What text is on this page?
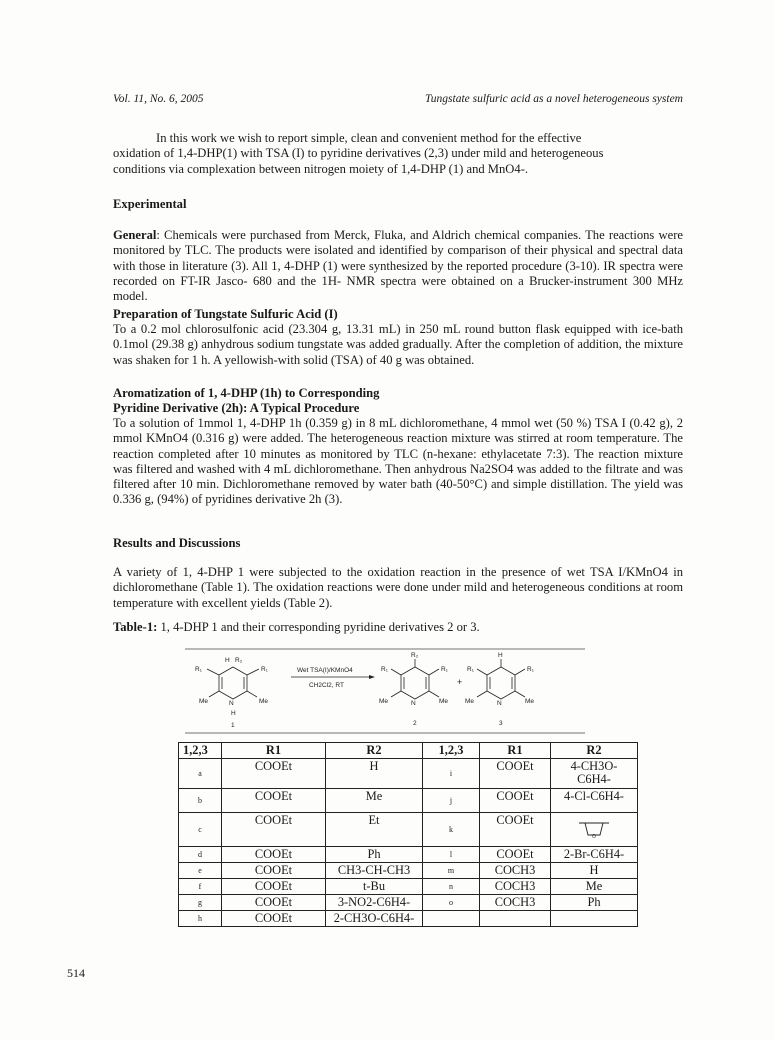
Vol. 11, No. 6, 2005	Tungstate sulfuric acid as a novel heterogeneous system
In this work we wish to report simple, clean and convenient method for the effective
oxidation of 1,4-DHP(1) with TSA (I) to pyridine derivatives (2,3) under mild and heterogeneous
conditions via complexation between nitrogen moiety of 1,4-DHP (1) and MnO4-.
Experimental
General: Chemicals were purchased from Merck, Fluka, and Aldrich chemical companies. The reactions were monitored by TLC. The products were isolated and identified by comparison of their physical and spectral data with those in literature (3). All 1, 4-DHP (1) were synthesized by the reported procedure (3-10). IR spectra were recorded on FT-IR Jasco- 680 and the 1H- NMR spectra were obtained on a Brucker-instrument 300 MHz model.
Preparation of Tungstate Sulfuric Acid (I)
To a 0.2 mol chlorosulfonic acid (23.304 g, 13.31 mL) in 250 mL round button flask equipped with ice-bath 0.1mol (29.38 g) anhydrous sodium tungstate was added gradually. After the completion of addition, the mixture was shaken for 1 h. A yellowish-with solid (TSA) of 40 g was obtained.
Aromatization of 1, 4-DHP (1h) to Corresponding
Pyridine Derivative (2h): A Typical Procedure
To a solution of 1mmol 1, 4-DHP 1h (0.359 g) in 8 mL dichloromethane, 4 mmol wet (50 %) TSA I (0.42 g), 2 mmol KMnO4 (0.316 g) were added. The heterogeneous reaction mixture was stirred at room temperature. The reaction completed after 10 minutes as monitored by TLC (n-hexane: ethylacetate 7:3). The reaction mixture was filtered and washed with 4 mL dichloromethane. Then anhydrous Na2SO4 was added to the filtrate and was filtered after 10 min. Dichloromethane removed by water bath (40-50°C) and simple distillation. The yield was 0.336 g, (94%) of pyridines derivative 2h (3).
Results and Discussions
A variety of 1, 4-DHP 1 were subjected to the oxidation reaction in the presence of wet TSA I/KMnO4 in dichloromethane (Table 1). The oxidation reactions were done under mild and heterogeneous conditions at room temperature with excellent yields (Table 2).
Table-1: 1, 4-DHP 1 and their corresponding pyridine derivatives 2 or 3.
H R₂
R₁	R₁
Me	N	Me
H
1
Wet TSA(I)/KMnO4
CH2Cl2, RT
R₂
R₁	R₁
Me	N	Me
2
+
H
R₁	R₁
Me	N	Me
3
1,2,3	R1	R2	1,2,3	R1	R2
a	COOEt	H	i	COOEt	4-CH3O-C6H4-
b	COOEt	Me	j	COOEt	4-Cl-C6H4-
c	COOEt	Et	k	COOEt	O

d	COOEt	Ph	l	COOEt	2-Br-C6H4-
e	COOEt	CH3-CH-CH3	m	COCH3	H
f	COOEt	t-Bu	n	COCH3	Me
g	COOEt	3-NO2-C6H4-	o	COCH3	Ph
h	COOEt	2-CH3O-C6H4-			
514
